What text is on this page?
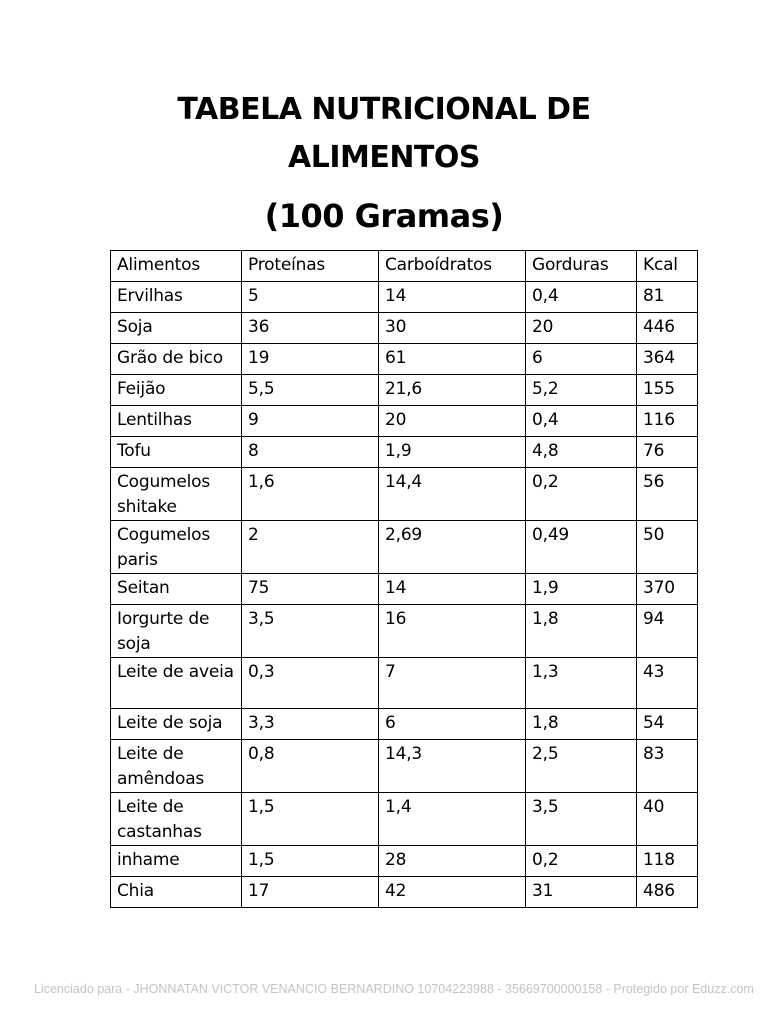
TABELA NUTRICIONAL DE
ALIMENTOS
(100 Gramas)
Alimentos	Proteínas	Carboídratos	Gorduras	Kcal
Ervilhas	5	14	0,4	81
Soja	36	30	20	446
Grão de bico	19	61	6	364
Feijão	5,5	21,6	5,2	155
Lentilhas	9	20	0,4	116
Tofu	8	1,9	4,8	76
Cogumelos shitake	1,6	14,4	0,2	56
Cogumelos paris	2	2,69	0,49	50
Seitan	75	14	1,9	370
Iorgurte de soja	3,5	16	1,8	94
Leite de aveia	0,3	7	1,3	43
Leite de soja	3,3	6	1,8	54
Leite de amêndoas	0,8	14,3	2,5	83
Leite de castanhas	1,5	1,4	3,5	40
inhame	1,5	28	0,2	118
Chia	17	42	31	486
Licenciado para - JHONNATAN VICTOR VENANCIO BERNARDINO 10704223988 - 35669700000158 - Protegido por Eduzz.com
